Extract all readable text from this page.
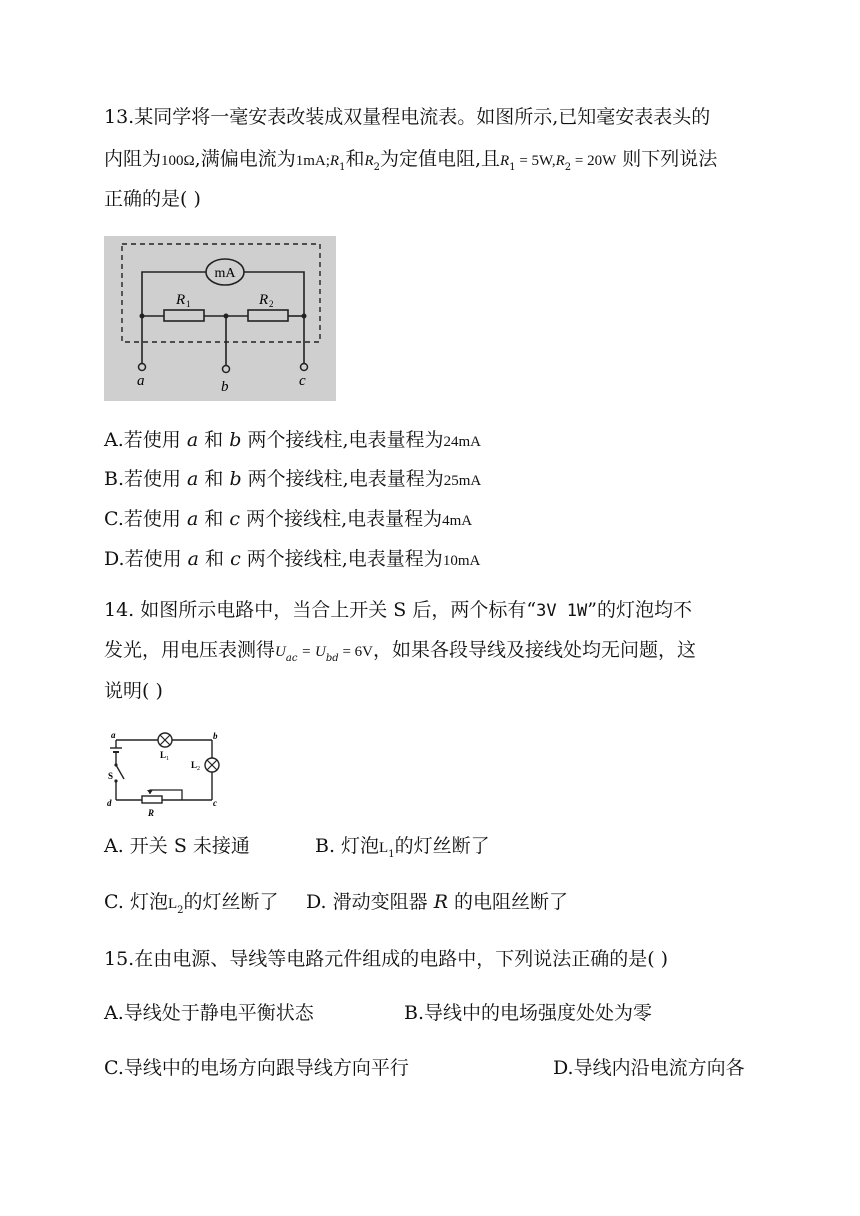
13.某同学将一毫安表改装成双量程电流表。如图所示,已知毫安表表头的
内阻为100Ω,满偏电流为$1mA;R_1$和$R_2$为定值电阻,且$R_1 = 5W,R_2 = 20W$ 则下列说法
正确的是( )
mA
R 1	R 2
a	b	c
A.若使用 a 和 b 两个接线柱,电表量程为24mA
B.若使用 a 和 b 两个接线柱,电表量程为25mA
C.若使用 a 和 c 两个接线柱,电表量程为4mA
D.若使用 a 和 c 两个接线柱,电表量程为10mA
14. 如图所示电路中，当合上开关 S 后，两个标有“3V 1W”的灯泡均不
发光，用电压表测得$U_{ac} = U_{bd} = 6V$，如果各段导线及接线处均无问题，这
说明( )
L 1
L 2
S
R
a	b
c
d
A. 开关 S 未接通	B. 灯泡$L_1$的灯丝断了
C. 灯泡$L_2$的灯丝断了 D. 滑动变阻器 R 的电阻丝断了
15.在由电源、导线等电路元件组成的电路中，下列说法正确的是( )
A.导线处于静电平衡状态	B.导线中的电场强度处处为零
C.导线中的电场方向跟导线方向平行	D.导线内沿电流方向各
